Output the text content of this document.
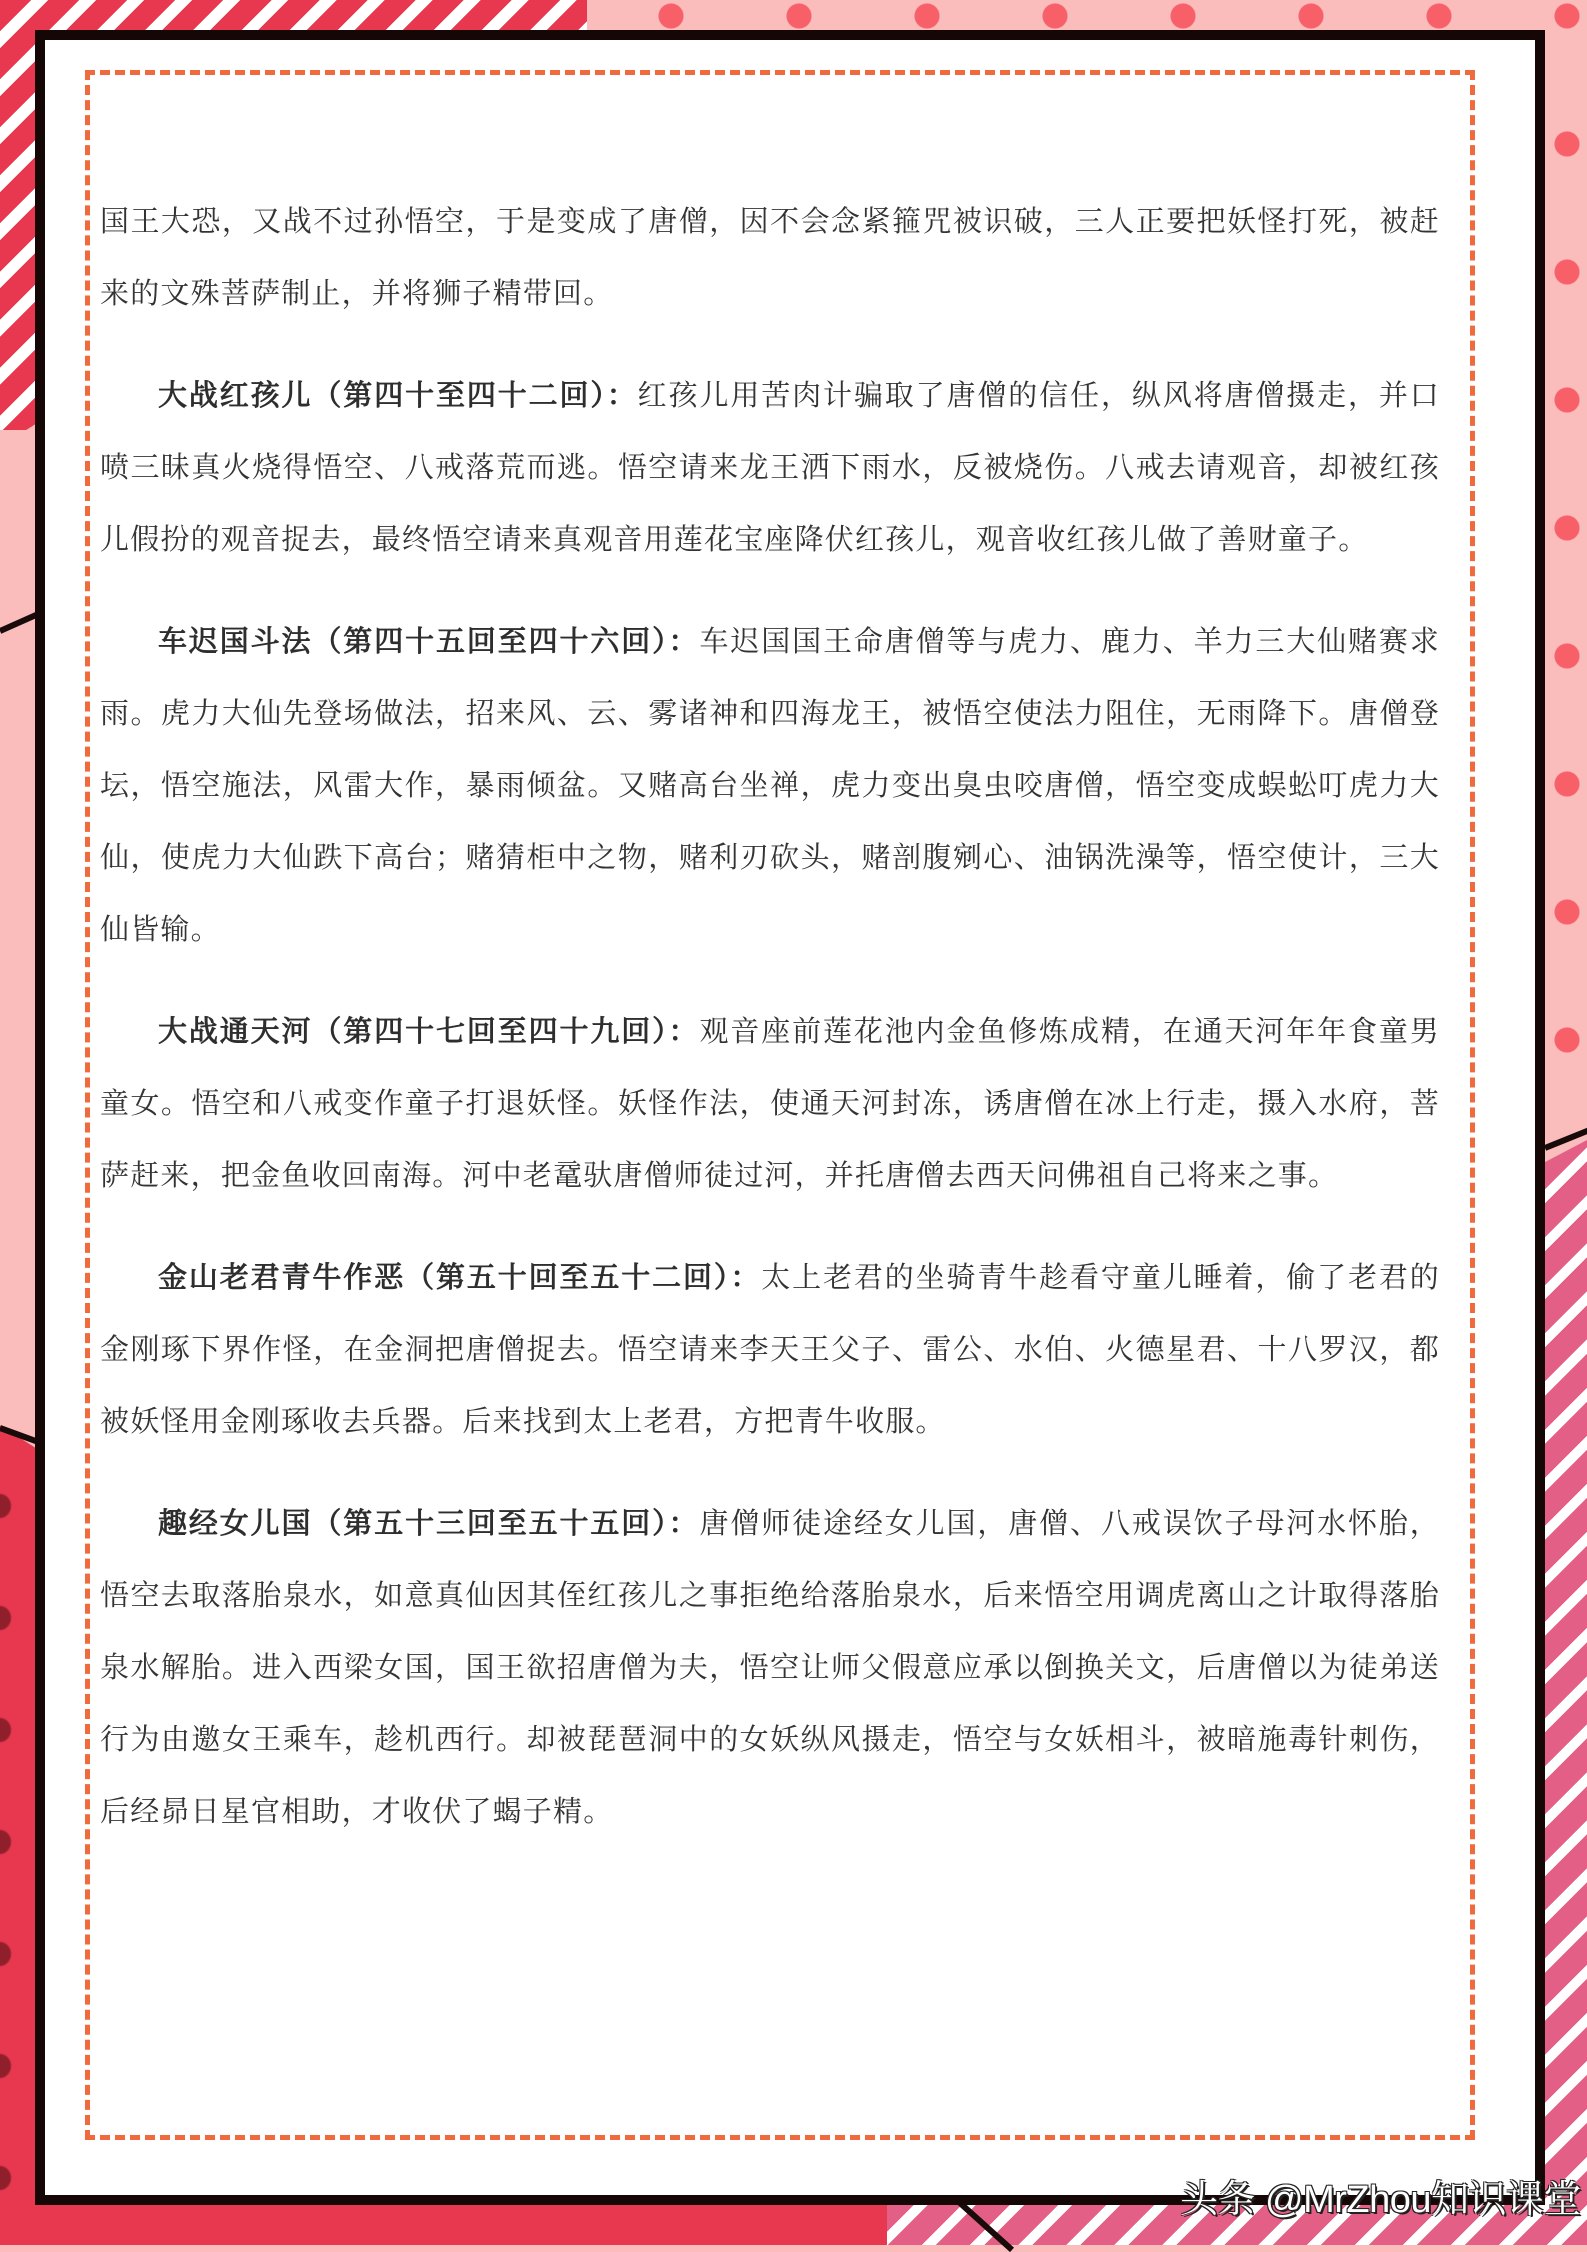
国王大恐，又战不过孙悟空，于是变成了唐僧，因不会念紧箍咒被识破，三人正要把妖怪打死，被赶来的文殊菩萨制止，并将狮子精带回。

大战红孩儿（第四十至四十二回）：红孩儿用苦肉计骗取了唐僧的信任，纵风将唐僧摄走，并口喷三昧真火烧得悟空、八戒落荒而逃。悟空请来龙王洒下雨水，反被烧伤。八戒去请观音，却被红孩儿假扮的观音捉去，最终悟空请来真观音用莲花宝座降伏红孩儿，观音收红孩儿做了善财童子。

车迟国斗法（第四十五回至四十六回）：车迟国国王命唐僧等与虎力、鹿力、羊力三大仙赌赛求雨。虎力大仙先登场做法，招来风、云、雾诸神和四海龙王，被悟空使法力阻住，无雨降下。唐僧登坛，悟空施法，风雷大作，暴雨倾盆。又赌高台坐禅，虎力变出臭虫咬唐僧，悟空变成蜈蚣叮虎力大仙，使虎力大仙跌下高台；赌猜柜中之物，赌利刃砍头，赌剖腹剜心、油锅洗澡等，悟空使计，三大仙皆输。

大战通天河（第四十七回至四十九回）：观音座前莲花池内金鱼修炼成精，在通天河年年食童男童女。悟空和八戒变作童子打退妖怪。妖怪作法，使通天河封冻，诱唐僧在冰上行走，摄入水府，菩萨赶来，把金鱼收回南海。河中老鼋驮唐僧师徒过河，并托唐僧去西天问佛祖自己将来之事。

金山老君青牛作恶（第五十回至五十二回）：太上老君的坐骑青牛趁看守童儿睡着，偷了老君的金刚琢下界作怪，在金洞把唐僧捉去。悟空请来李天王父子、雷公、水伯、火德星君、十八罗汉，都被妖怪用金刚琢收去兵器。后来找到太上老君，方把青牛收服。

趣经女儿国（第五十三回至五十五回）：唐僧师徒途经女儿国，唐僧、八戒误饮子母河水怀胎，悟空去取落胎泉水，如意真仙因其侄红孩儿之事拒绝给落胎泉水，后来悟空用调虎离山之计取得落胎泉水解胎。进入西梁女国，国王欲招唐僧为夫，悟空让师父假意应承以倒换关文，后唐僧以为徒弟送行为由邀女王乘车，趁机西行。却被琵琶洞中的女妖纵风摄走，悟空与女妖相斗，被暗施毒针刺伤，后经昴日星官相助，才收伏了蝎子精。

头条 @MrZhou知识课堂
